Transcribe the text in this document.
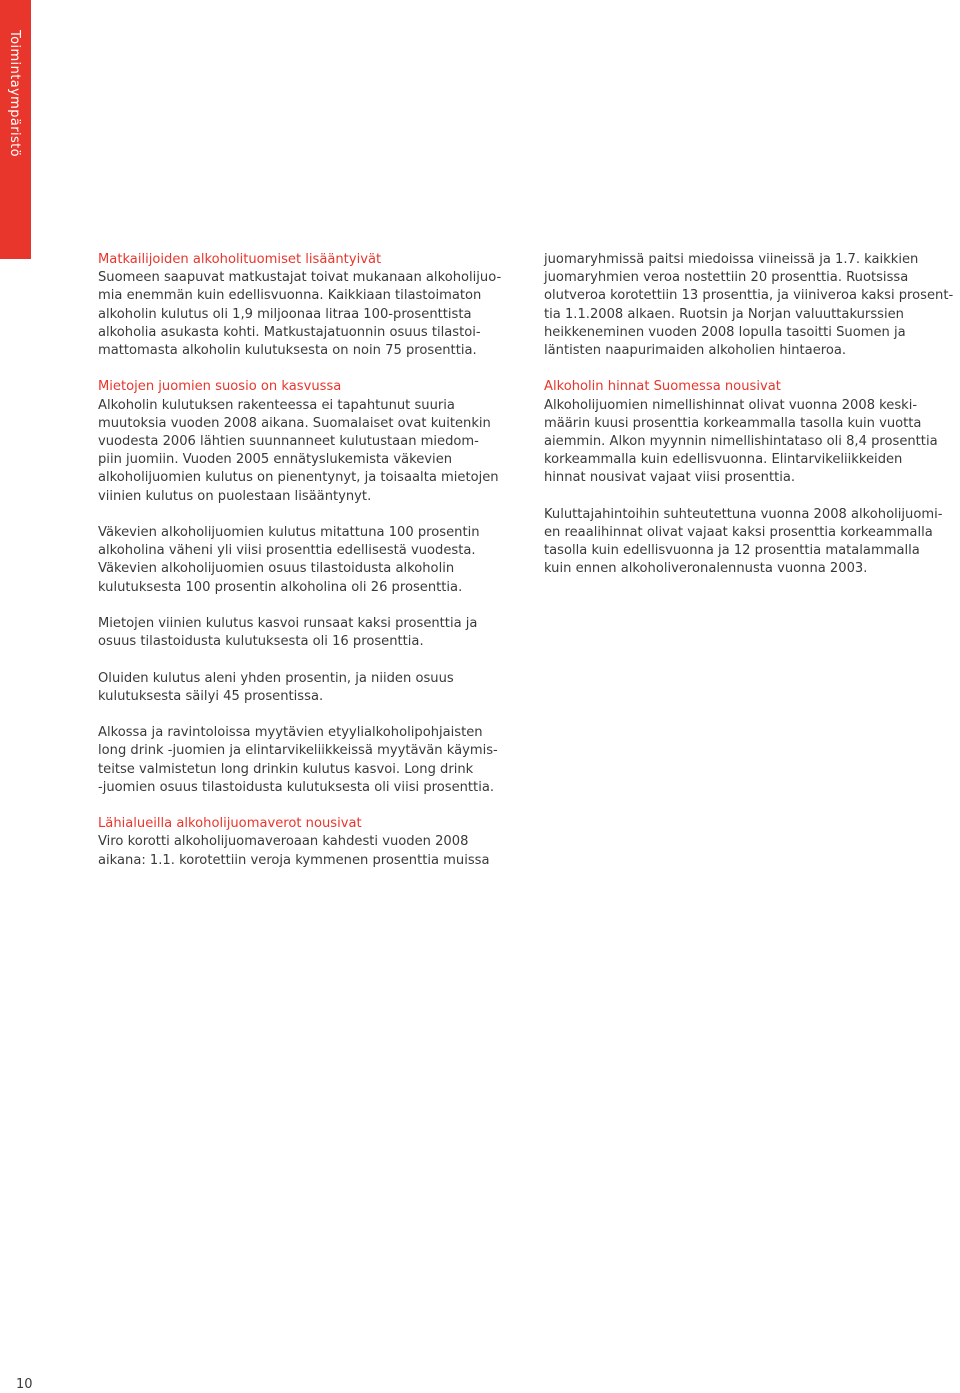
Toimintaympäristö
Matkailijoiden alkoholituomiset lisääntyivät

Suomeen saapuvat matkustajat toivat mukanaan alkoholijuo-
mia enemmän kuin edellisvuonna. Kaikkiaan tilastoimaton
alkoholin kulutus oli 1,9 miljoonaa litraa 100-prosenttista
alkoholia asukasta kohti. Matkustajatuonnin osuus tilastoi-
mattomasta alkoholin kulutuksesta on noin 75 prosenttia.

Mietojen juomien suosio on kasvussa

Alkoholin kulutuksen rakenteessa ei tapahtunut suuria
muutoksia vuoden 2008 aikana. Suomalaiset ovat kuitenkin
vuodesta 2006 lähtien suunnanneet kulutustaan miedom-
piin juomiin. Vuoden 2005 ennätyslukemista väkevien
alkoholijuomien kulutus on pienentynyt, ja toisaalta mietojen
viinien kulutus on puolestaan lisääntynyt.

Väkevien alkoholijuomien kulutus mitattuna 100 prosentin
alkoholina väheni yli viisi prosenttia edellisestä vuodesta.
Väkevien alkoholijuomien osuus tilastoidusta alkoholin
kulutuksesta 100 prosentin alkoholina oli 26 prosenttia.

Mietojen viinien kulutus kasvoi runsaat kaksi prosenttia ja
osuus tilastoidusta kulutuksesta oli 16 prosenttia.

Oluiden kulutus aleni yhden prosentin, ja niiden osuus
kulutuksesta säilyi 45 prosentissa.

Alkossa ja ravintoloissa myytävien etyylialkoholipohjaisten
long drink -juomien ja elintarvikeliikkeissä myytävän käymis-
teitse valmistetun long drinkin kulutus kasvoi. Long drink
-juomien osuus tilastoidusta kulutuksesta oli viisi prosenttia.

Lähialueilla alkoholijuomaverot nousivat

Viro korotti alkoholijuomaveroaan kahdesti vuoden 2008
aikana: 1.1. korotettiin veroja kymmenen prosenttia muissa

juomaryhmissä paitsi miedoissa viineissä ja 1.7. kaikkien
juomaryhmien veroa nostettiin 20 prosenttia. Ruotsissa
olutveroa korotettiin 13 prosenttia, ja viiniveroa kaksi prosent-
tia 1.1.2008 alkaen. Ruotsin ja Norjan valuuttakurssien
heikkeneminen vuoden 2008 lopulla tasoitti Suomen ja
läntisten naapurimaiden alkoholien hintaeroa.

Alkoholin hinnat Suomessa nousivat

Alkoholijuomien nimellishinnat olivat vuonna 2008 keski-
määrin kuusi prosenttia korkeammalla tasolla kuin vuotta
aiemmin. Alkon myynnin nimellishintataso oli 8,4 prosenttia
korkeammalla kuin edellisvuonna. Elintarvikeliikkeiden
hinnat nousivat vajaat viisi prosenttia.

Kuluttajahintoihin suhteutettuna vuonna 2008 alkoholijuomi-
en reaalihinnat olivat vajaat kaksi prosenttia korkeammalla
tasolla kuin edellisvuonna ja 12 prosenttia matalammalla
kuin ennen alkoholiveronalennusta vuonna 2003.

10
